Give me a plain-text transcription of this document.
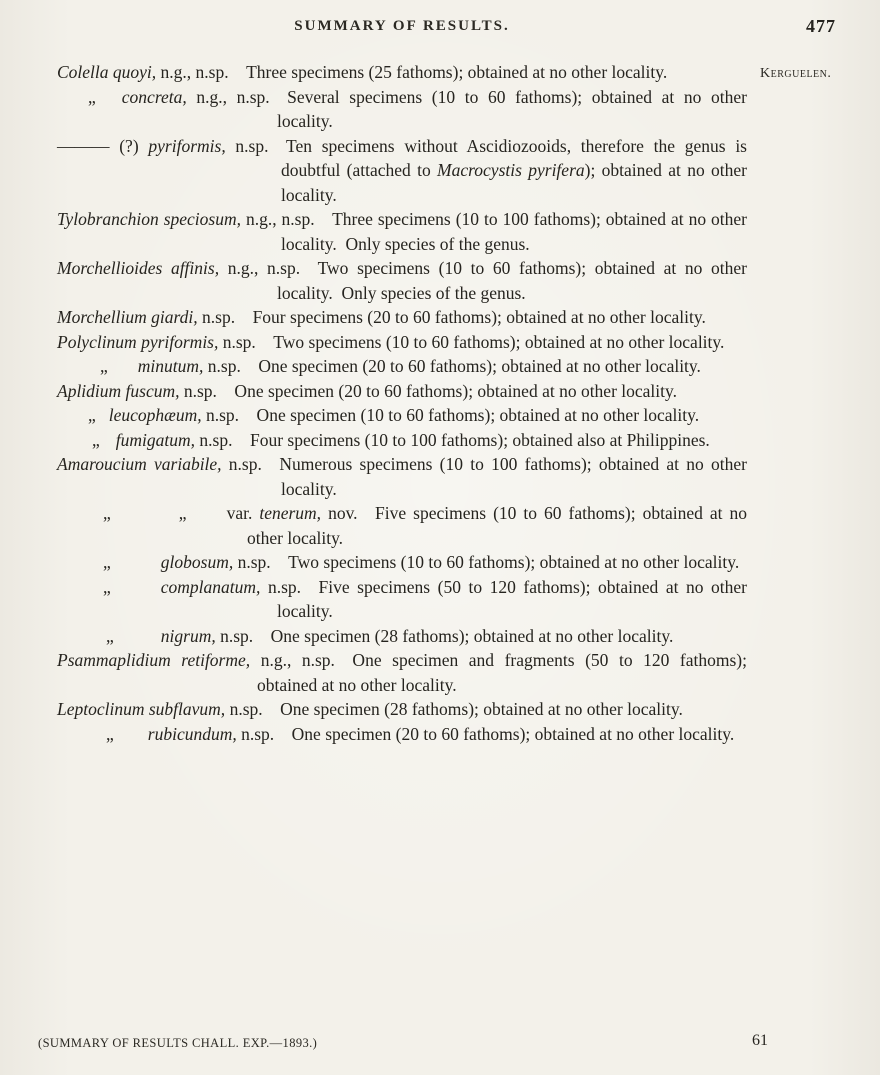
SUMMARY OF RESULTS.	477
Kerguelen.

Colella quoyi, n.g., n.sp. Three specimens (25 fathoms); obtained at no other locality.

„ concreta, n.g., n.sp. Several specimens (10 to 60 fathoms); obtained at no other locality.

——— (?) pyriformis, n.sp. Ten specimens without Ascidiozooids, therefore the genus is doubtful (attached to Macrocystis pyrifera); obtained at no other locality.

Tylobranchion speciosum, n.g., n.sp. Three specimens (10 to 100 fathoms); obtained at no other locality. Only species of the genus.

Morchellioides affinis, n.g., n.sp. Two specimens (10 to 60 fathoms); obtained at no other locality. Only species of the genus.

Morchellium giardi, n.sp. Four specimens (20 to 60 fathoms); obtained at no other locality.

Polyclinum pyriformis, n.sp. Two specimens (10 to 60 fathoms); obtained at no other locality.

„ minutum, n.sp. One specimen (20 to 60 fathoms); obtained at no other locality.

Aplidium fuscum, n.sp. One specimen (20 to 60 fathoms); obtained at no other locality.

„ leucophæum, n.sp. One specimen (10 to 60 fathoms); obtained at no other locality.

„ fumigatum, n.sp. Four specimens (10 to 100 fathoms); obtained also at Philippines.

Amaroucium variabile, n.sp. Numerous specimens (10 to 100 fathoms); obtained at no other locality.

„	„ var. tenerum, nov. Five specimens (10 to 60 fathoms); obtained at no other locality.

„	globosum, n.sp. Two specimens (10 to 60 fathoms); obtained at no other locality.

„	complanatum, n.sp. Five specimens (50 to 120 fathoms); obtained at no other locality.

„	nigrum, n.sp. One specimen (28 fathoms); obtained at no other locality.

Psammaplidium retiforme, n.g., n.sp. One specimen and fragments (50 to 120 fathoms); obtained at no other locality.

Leptoclinum subflavum, n.sp. One specimen (28 fathoms); obtained at no other locality.

„ rubicundum, n.sp. One specimen (20 to 60 fathoms); obtained at no other locality.

(SUMMARY OF RESULTS CHALL. EXP.—1893.)	61
